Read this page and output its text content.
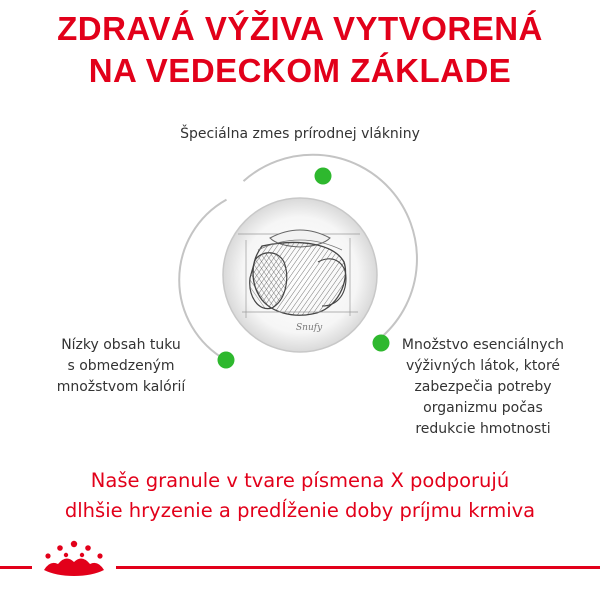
ZDRAVÁ VÝŽIVA VYTVORENÁ
NA VEDECKOM ZÁKLADE
Špeciálna zmes prírodnej vlákniny
Nízky obsah tuku
s obmedzeným
množstvom kalórií
Množstvo esenciálnych
výživných látok, ktoré
zabezpečia potreby
organizmu počas
redukcie hmotnosti
Snufy
Naše granule v tvare písmena X podporujú
dlhšie hryzenie a predĺženie doby príjmu krmiva
